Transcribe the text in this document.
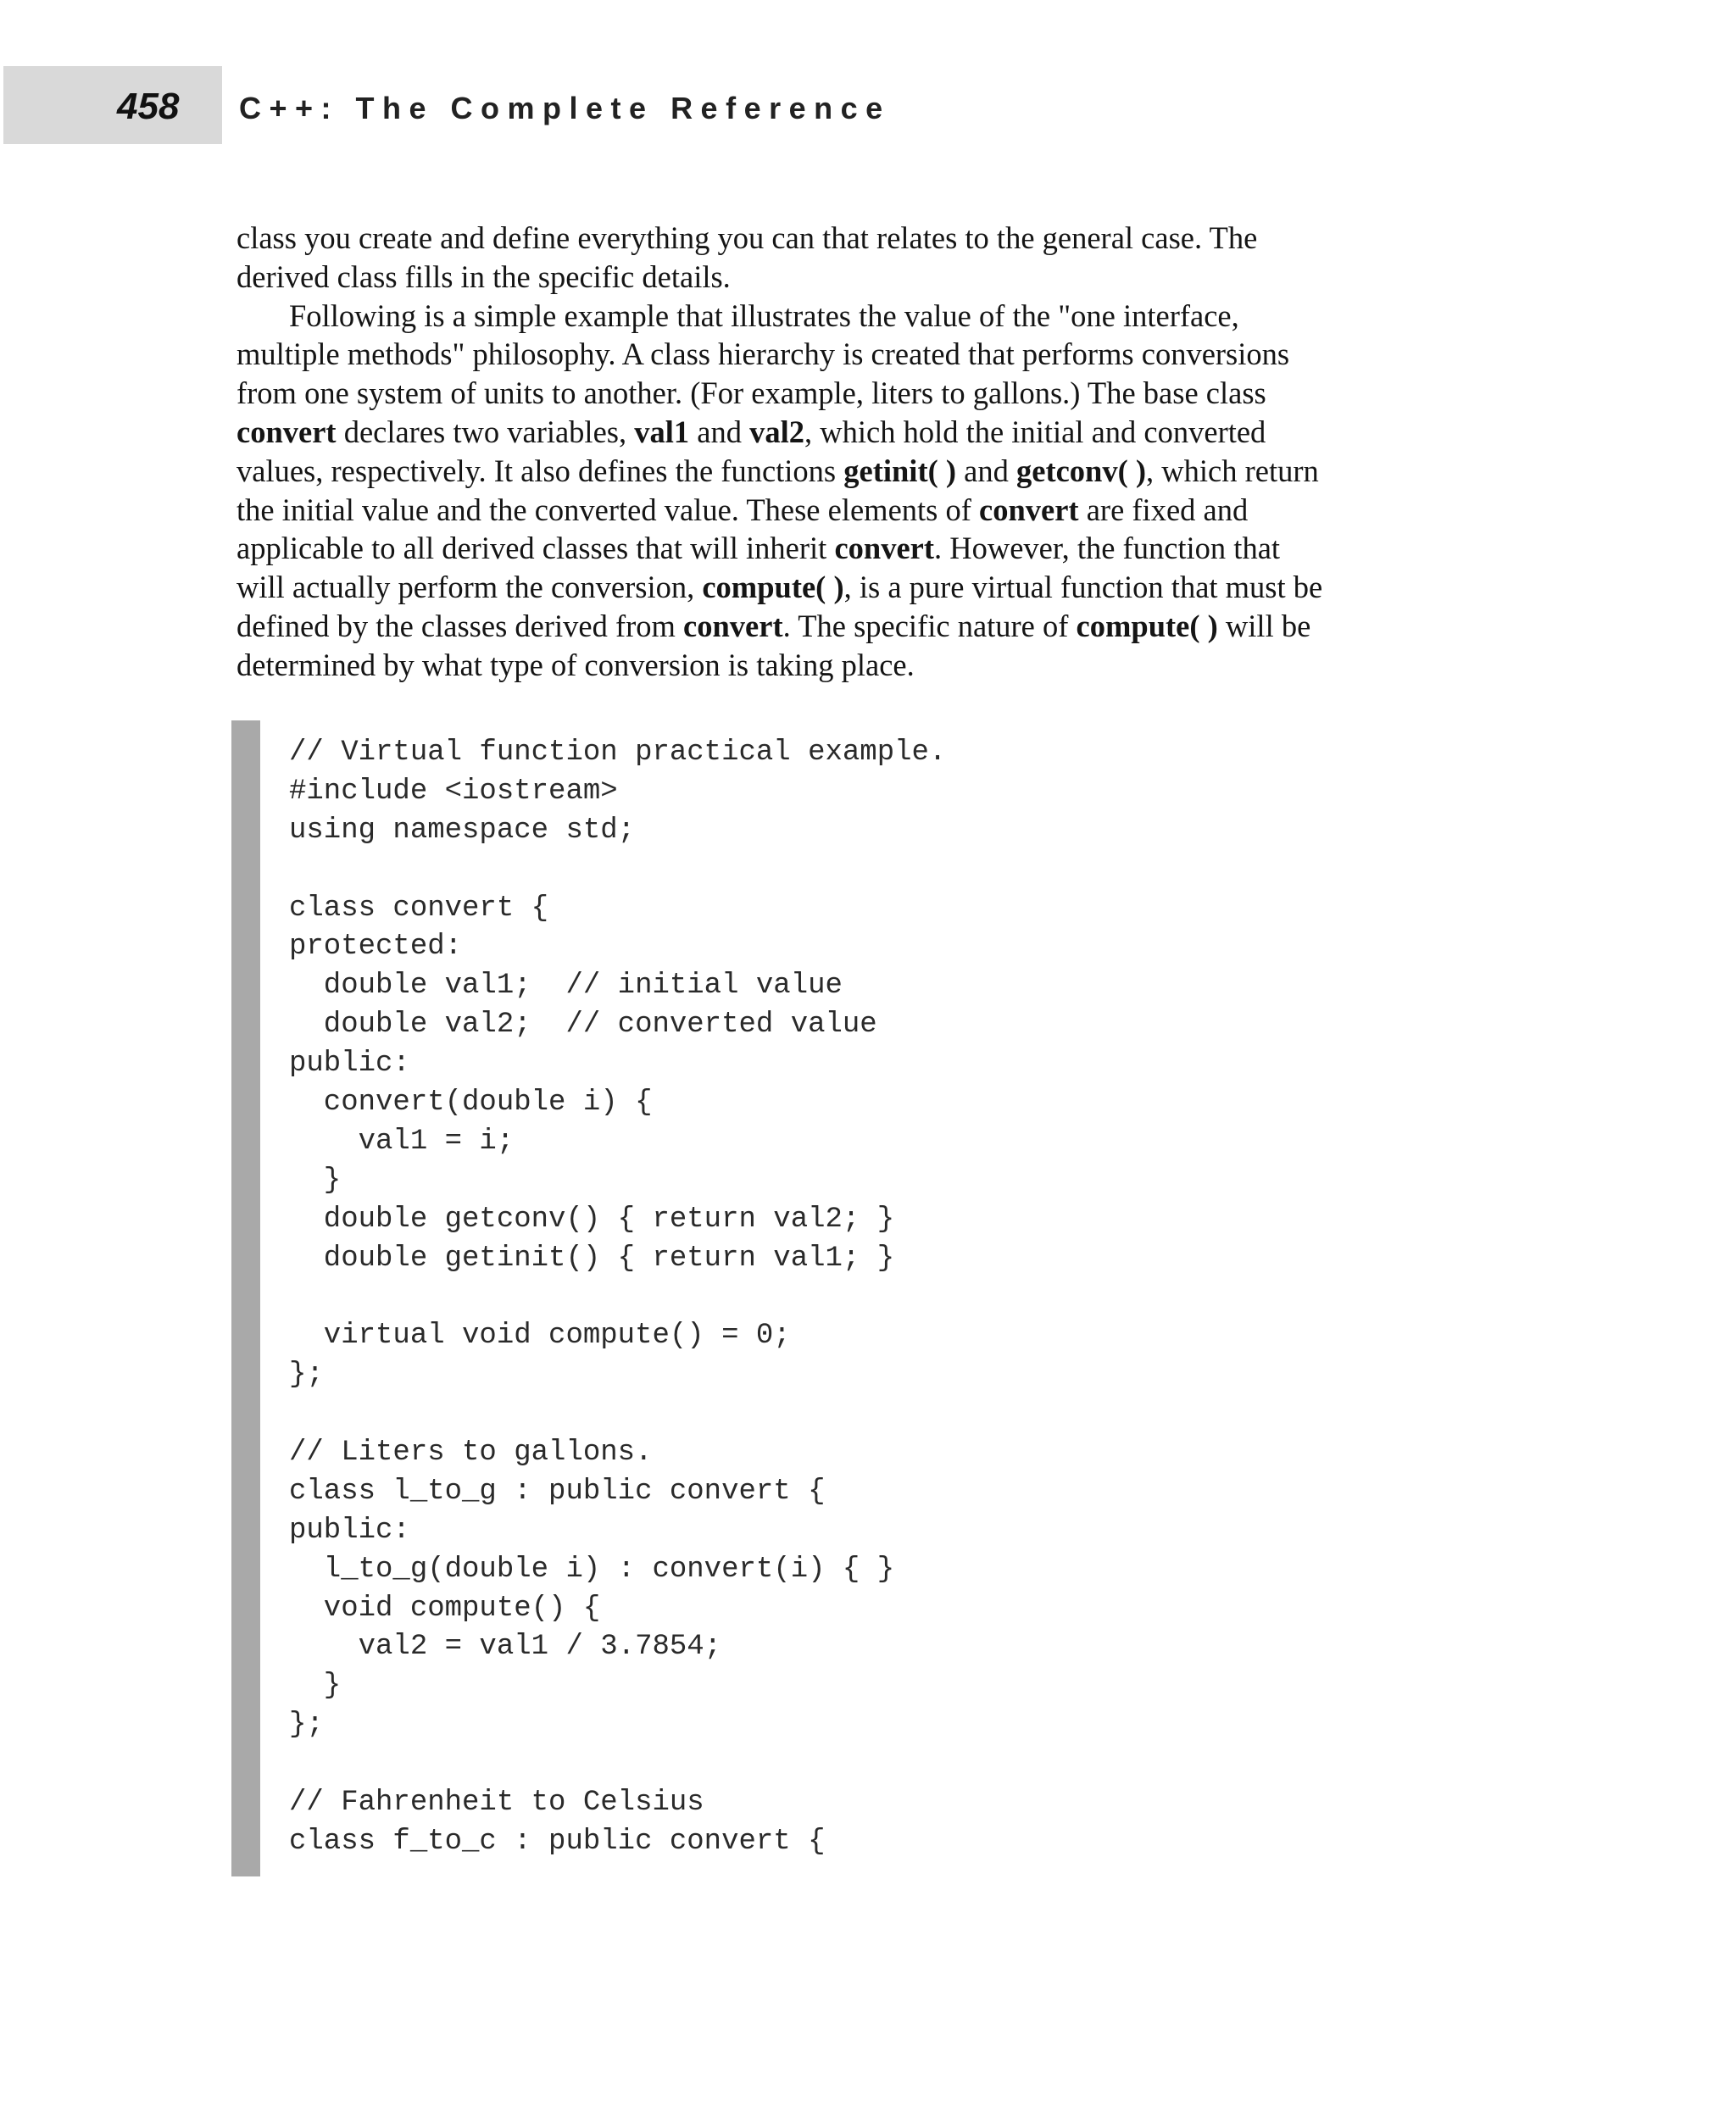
458 C++: The Complete Reference
class you create and define everything you can that relates to the general case. The
derived class fills in the specific details.
Following is a simple example that illustrates the value of the "one interface,
multiple methods" philosophy. A class hierarchy is created that performs conversions
from one system of units to another. (For example, liters to gallons.) The base class
convert declares two variables, val1 and val2, which hold the initial and converted
values, respectively. It also defines the functions getinit( ) and getconv( ), which return
the initial value and the converted value. These elements of convert are fixed and
applicable to all derived classes that will inherit convert. However, the function that
will actually perform the conversion, compute( ), is a pure virtual function that must be
defined by the classes derived from convert. The specific nature of compute( ) will be
determined by what type of conversion is taking place.
// Virtual function practical example.
#include <iostream>
using namespace std;
class convert {
protected:
double val1;  // initial value
double val2;  // converted value
public:
convert(double i) {
val1 = i;
}
double getconv() { return val2; }
double getinit() { return val1; }
virtual void compute() = 0;
};
// Liters to gallons.
class l_to_g : public convert {
public:
l_to_g(double i) : convert(i) { }
void compute() {
val2 = val1 / 3.7854;
}
};
// Fahrenheit to Celsius
class f_to_c : public convert {
